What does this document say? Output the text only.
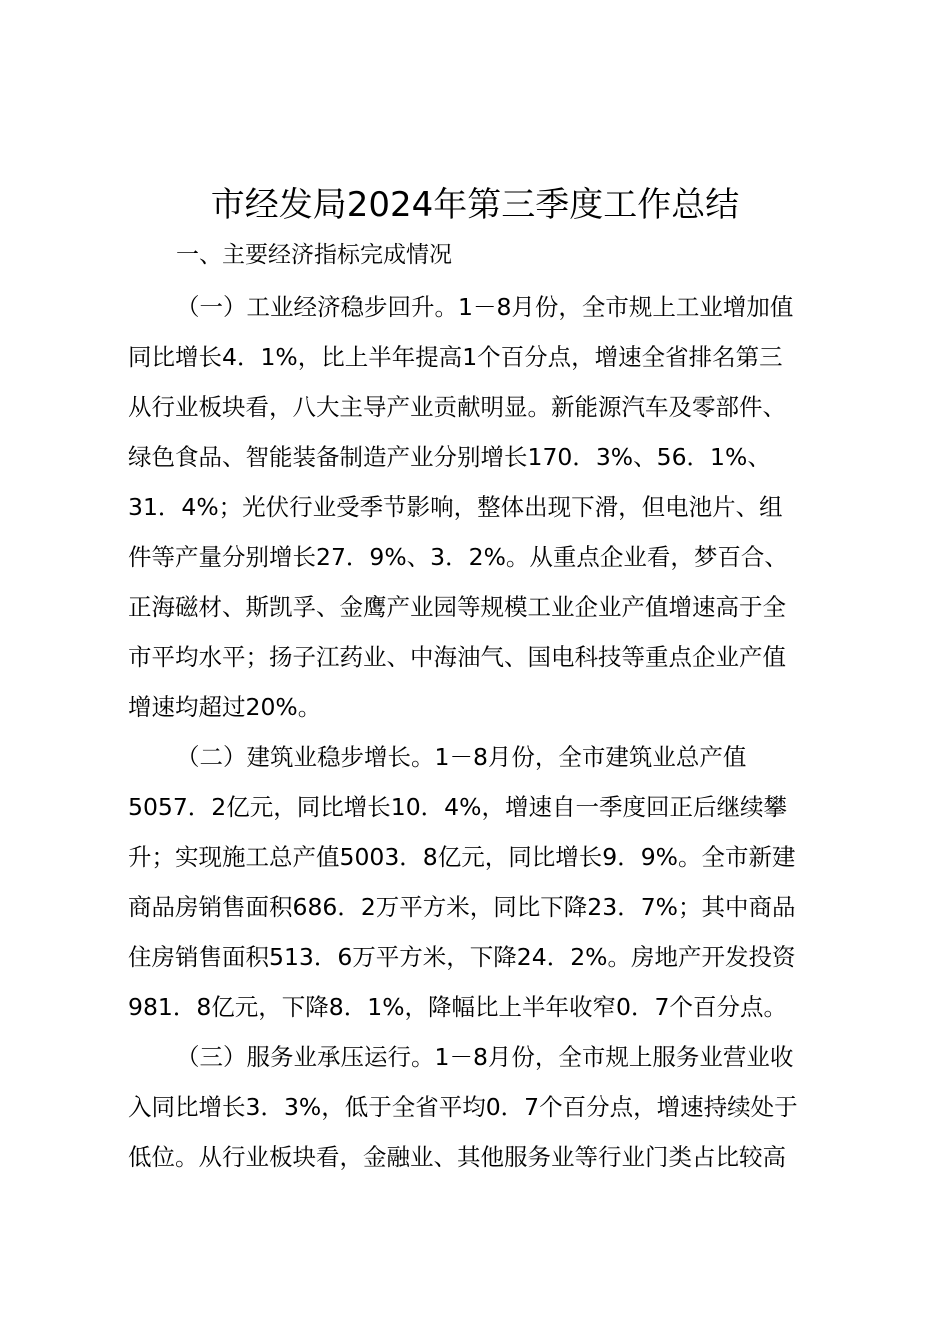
市经发局2024年第三季度工作总结

一、主要经济指标完成情况

（一）工业经济稳步回升。1－8月份，全市规上工业增加值
同比增长4．1%，比上半年提高1个百分点，增速全省排名第三
从行业板块看，八大主导产业贡献明显。新能源汽车及零部件、
绿色食品、智能装备制造产业分别增长170．3%、56．1%、
31．4%；光伏行业受季节影响，整体出现下滑，但电池片、组
件等产量分别增长27．9%、3．2%。从重点企业看，梦百合、
正海磁材、斯凯孚、金鹰产业园等规模工业企业产值增速高于全
市平均水平；扬子江药业、中海油气、国电科技等重点企业产值
增速均超过20%。
（二）建筑业稳步增长。1－8月份，全市建筑业总产值
5057．2亿元，同比增长10．4%，增速自一季度回正后继续攀
升；实现施工总产值5003．8亿元，同比增长9．9%。全市新建
商品房销售面积686．2万平方米，同比下降23．7%；其中商品
住房销售面积513．6万平方米，下降24．2%。房地产开发投资
981．8亿元，下降8．1%，降幅比上半年收窄0．7个百分点。
（三）服务业承压运行。1－8月份，全市规上服务业营业收
入同比增长3．3%，低于全省平均0．7个百分点，增速持续处于
低位。从行业板块看，金融业、其他服务业等行业门类占比较高
